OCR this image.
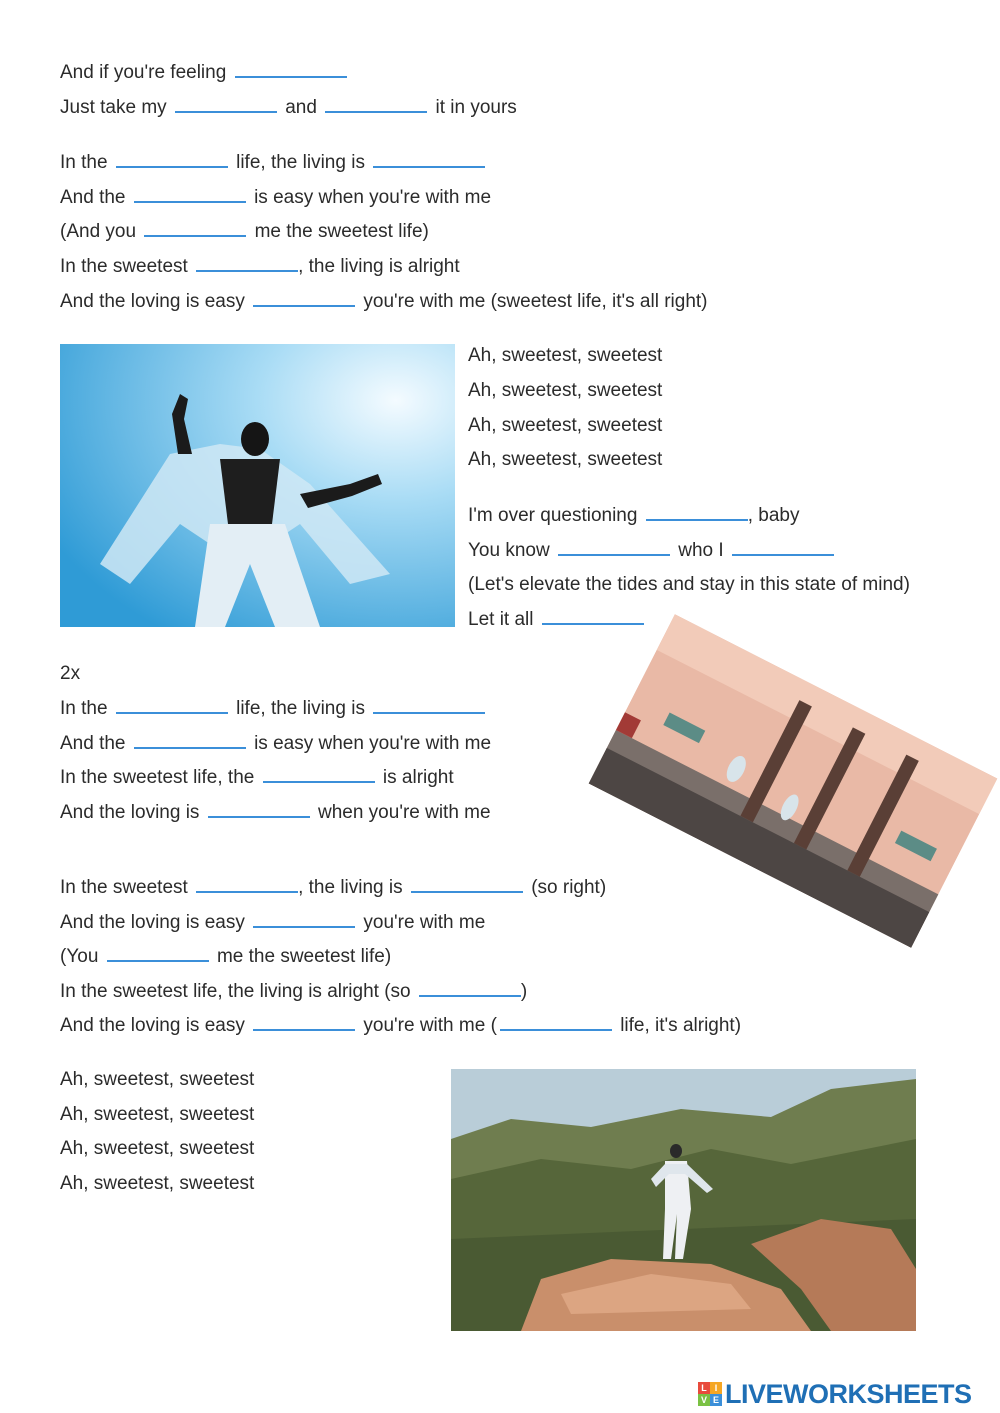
And if you're feeling
Just take my	and	it in yours
In the	life, the living is
And the	is easy when you're with me
(And you	me the sweetest life)
In the sweetest	, the living is alright
And the loving is easy	you're with me (sweetest life, it's all right)
Ah, sweetest, sweetest
Ah, sweetest, sweetest
Ah, sweetest, sweetest
Ah, sweetest, sweetest
I'm over questioning	, baby
You know	who I
(Let's elevate the tides and stay in this state of mind)
Let it all
2x
In the	life, the living is
And the	is easy when you're with me
In the sweetest life, the	is alright
And the loving is	when you're with me
In the sweetest	, the living is	(so right)
And the loving is easy	you're with me
(You	me the sweetest life)
In the sweetest life, the living is alright (so	)
And the loving is easy	you're with me (	life, it's alright)
Ah, sweetest, sweetest
Ah, sweetest, sweetest
Ah, sweetest, sweetest
Ah, sweetest, sweetest
L I
V E LIVEWORKSHEETS
